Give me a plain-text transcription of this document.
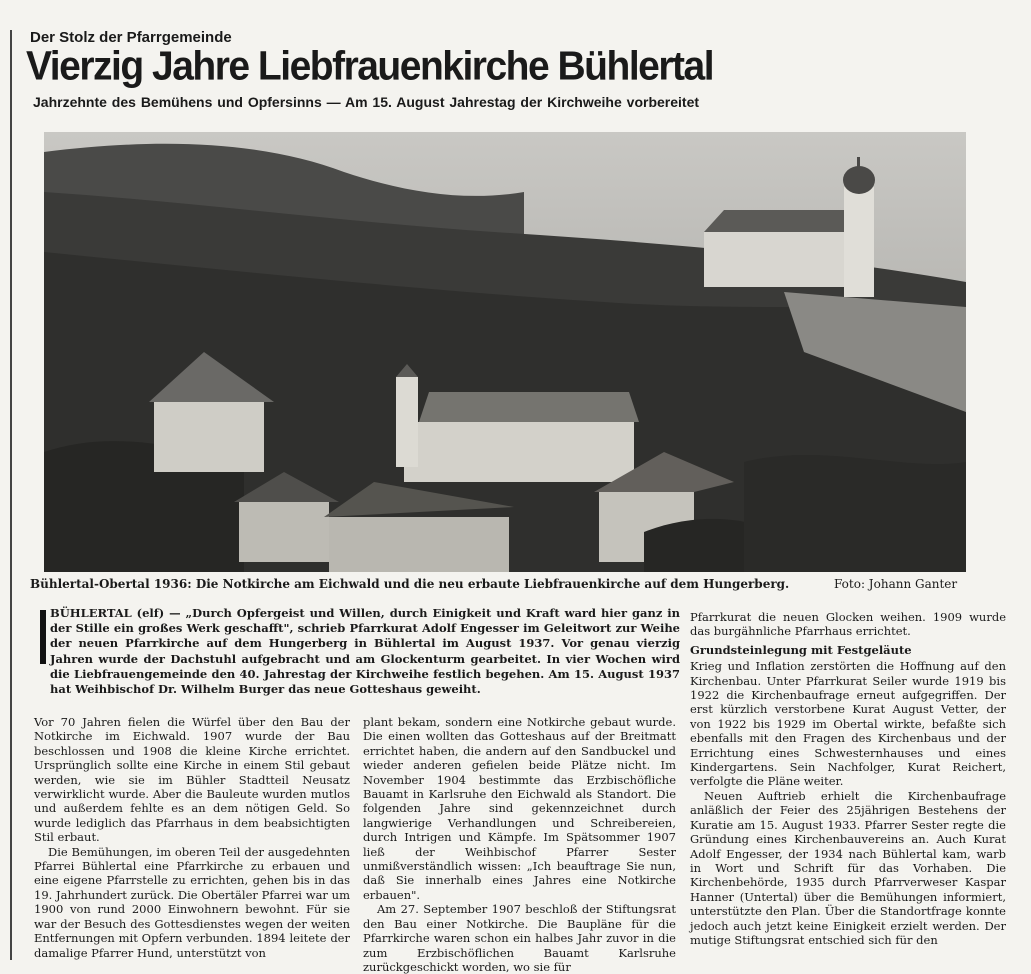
Der Stolz der Pfarrgemeinde
Vierzig Jahre Liebfrauenkirche Bühlertal
Jahrzehnte des Bemühens und Opfersinns — Am 15. August Jahrestag der Kirchweihe vorbereitet
Bühlertal-Obertal 1936: Die Notkirche am Eichwald und die neu erbaute Liebfrauenkirche auf dem Hungerberg.	Foto: Johann Ganter

BÜHLERTAL (elf) — „Durch Opfergeist und Willen, durch Einigkeit und Kraft ward hier ganz in der Stille ein großes Werk geschafft", schrieb Pfarrkurat Adolf Engesser im Geleitwort zur Weihe der neuen Pfarrkirche auf dem Hungerberg in Bühlertal im August 1937. Vor genau vierzig Jahren wurde der Dachstuhl aufgebracht und am Glockenturm gearbeitet. In vier Wochen wird die Liebfrauengemeinde den 40. Jahrestag der Kirchweihe festlich begehen. Am 15. August 1937 hat Weihbischof Dr. Wilhelm Burger das neue Gotteshaus geweiht.

Vor 70 Jahren fielen die Würfel über den Bau der Notkirche im Eichwald. 1907 wurde der Bau beschlossen und 1908 die kleine Kirche errichtet. Ursprünglich sollte eine Kirche in einem Stil gebaut werden, wie sie im Bühler Stadtteil Neusatz verwirklicht wurde. Aber die Bauleute wurden mutlos und außerdem fehlte es an dem nötigen Geld. So wurde lediglich das Pfarrhaus in dem beabsichtigten Stil erbaut.

Die Bemühungen, im oberen Teil der ausgedehnten Pfarrei Bühlertal eine Pfarrkirche zu erbauen und eine eigene Pfarrstelle zu errichten, gehen bis in das 19. Jahrhundert zurück. Die Obertäler Pfarrei war um 1900 von rund 2000 Einwohnern bewohnt. Für sie war der Besuch des Gottesdienstes wegen der weiten Entfernungen mit Opfern verbunden. 1894 leitete der damalige Pfarrer Hund, unterstützt von

plant bekam, sondern eine Notkirche gebaut wurde. Die einen wollten das Gotteshaus auf der Breitmatt errichtet haben, die andern auf den Sandbuckel und wieder anderen gefielen beide Plätze nicht. Im November 1904 bestimmte das Erzbischöfliche Bauamt in Karlsruhe den Eichwald als Standort. Die folgenden Jahre sind gekennzeichnet durch langwierige Verhandlungen und Schreibereien, durch Intrigen und Kämpfe. Im Spätsommer 1907 ließ der Weihbischof Pfarrer Sester unmißverständlich wissen: „Ich beauftrage Sie nun, daß Sie innerhalb eines Jahres eine Notkirche erbauen".

Am 27. September 1907 beschloß der Stiftungsrat den Bau einer Notkirche. Die Baupläne für die Pfarrkirche waren schon ein halbes Jahr zuvor in die zum Erzbischöflichen Bauamt Karlsruhe zurückgeschickt worden, wo sie für

Pfarrkurat die neuen Glocken weihen. 1909 wurde das burgähnliche Pfarrhaus errichtet.

Grundsteinlegung mit Festgeläute

Krieg und Inflation zerstörten die Hoffnung auf den Kirchenbau. Unter Pfarrkurat Seiler wurde 1919 bis 1922 die Kirchenbaufrage erneut aufgegriffen. Der erst kürzlich verstorbene Kurat August Vetter, der von 1922 bis 1929 im Obertal wirkte, befaßte sich ebenfalls mit den Fragen des Kirchenbaus und der Errichtung eines Schwesternhauses und eines Kindergartens. Sein Nachfolger, Kurat Reichert, verfolgte die Pläne weiter.

Neuen Auftrieb erhielt die Kirchenbaufrage anläßlich der Feier des 25jährigen Bestehens der Kuratie am 15. August 1933. Pfarrer Sester regte die Gründung eines Kirchenbauvereins an. Auch Kurat Adolf Engesser, der 1934 nach Bühlertal kam, warb in Wort und Schrift für das Vorhaben. Die Kirchenbehörde, 1935 durch Pfarrverweser Kaspar Hanner (Untertal) über die Bemühungen informiert, unterstützte den Plan. Über die Standortfrage konnte jedoch auch jetzt keine Einigkeit erzielt werden. Der mutige Stiftungsrat entschied sich für den
